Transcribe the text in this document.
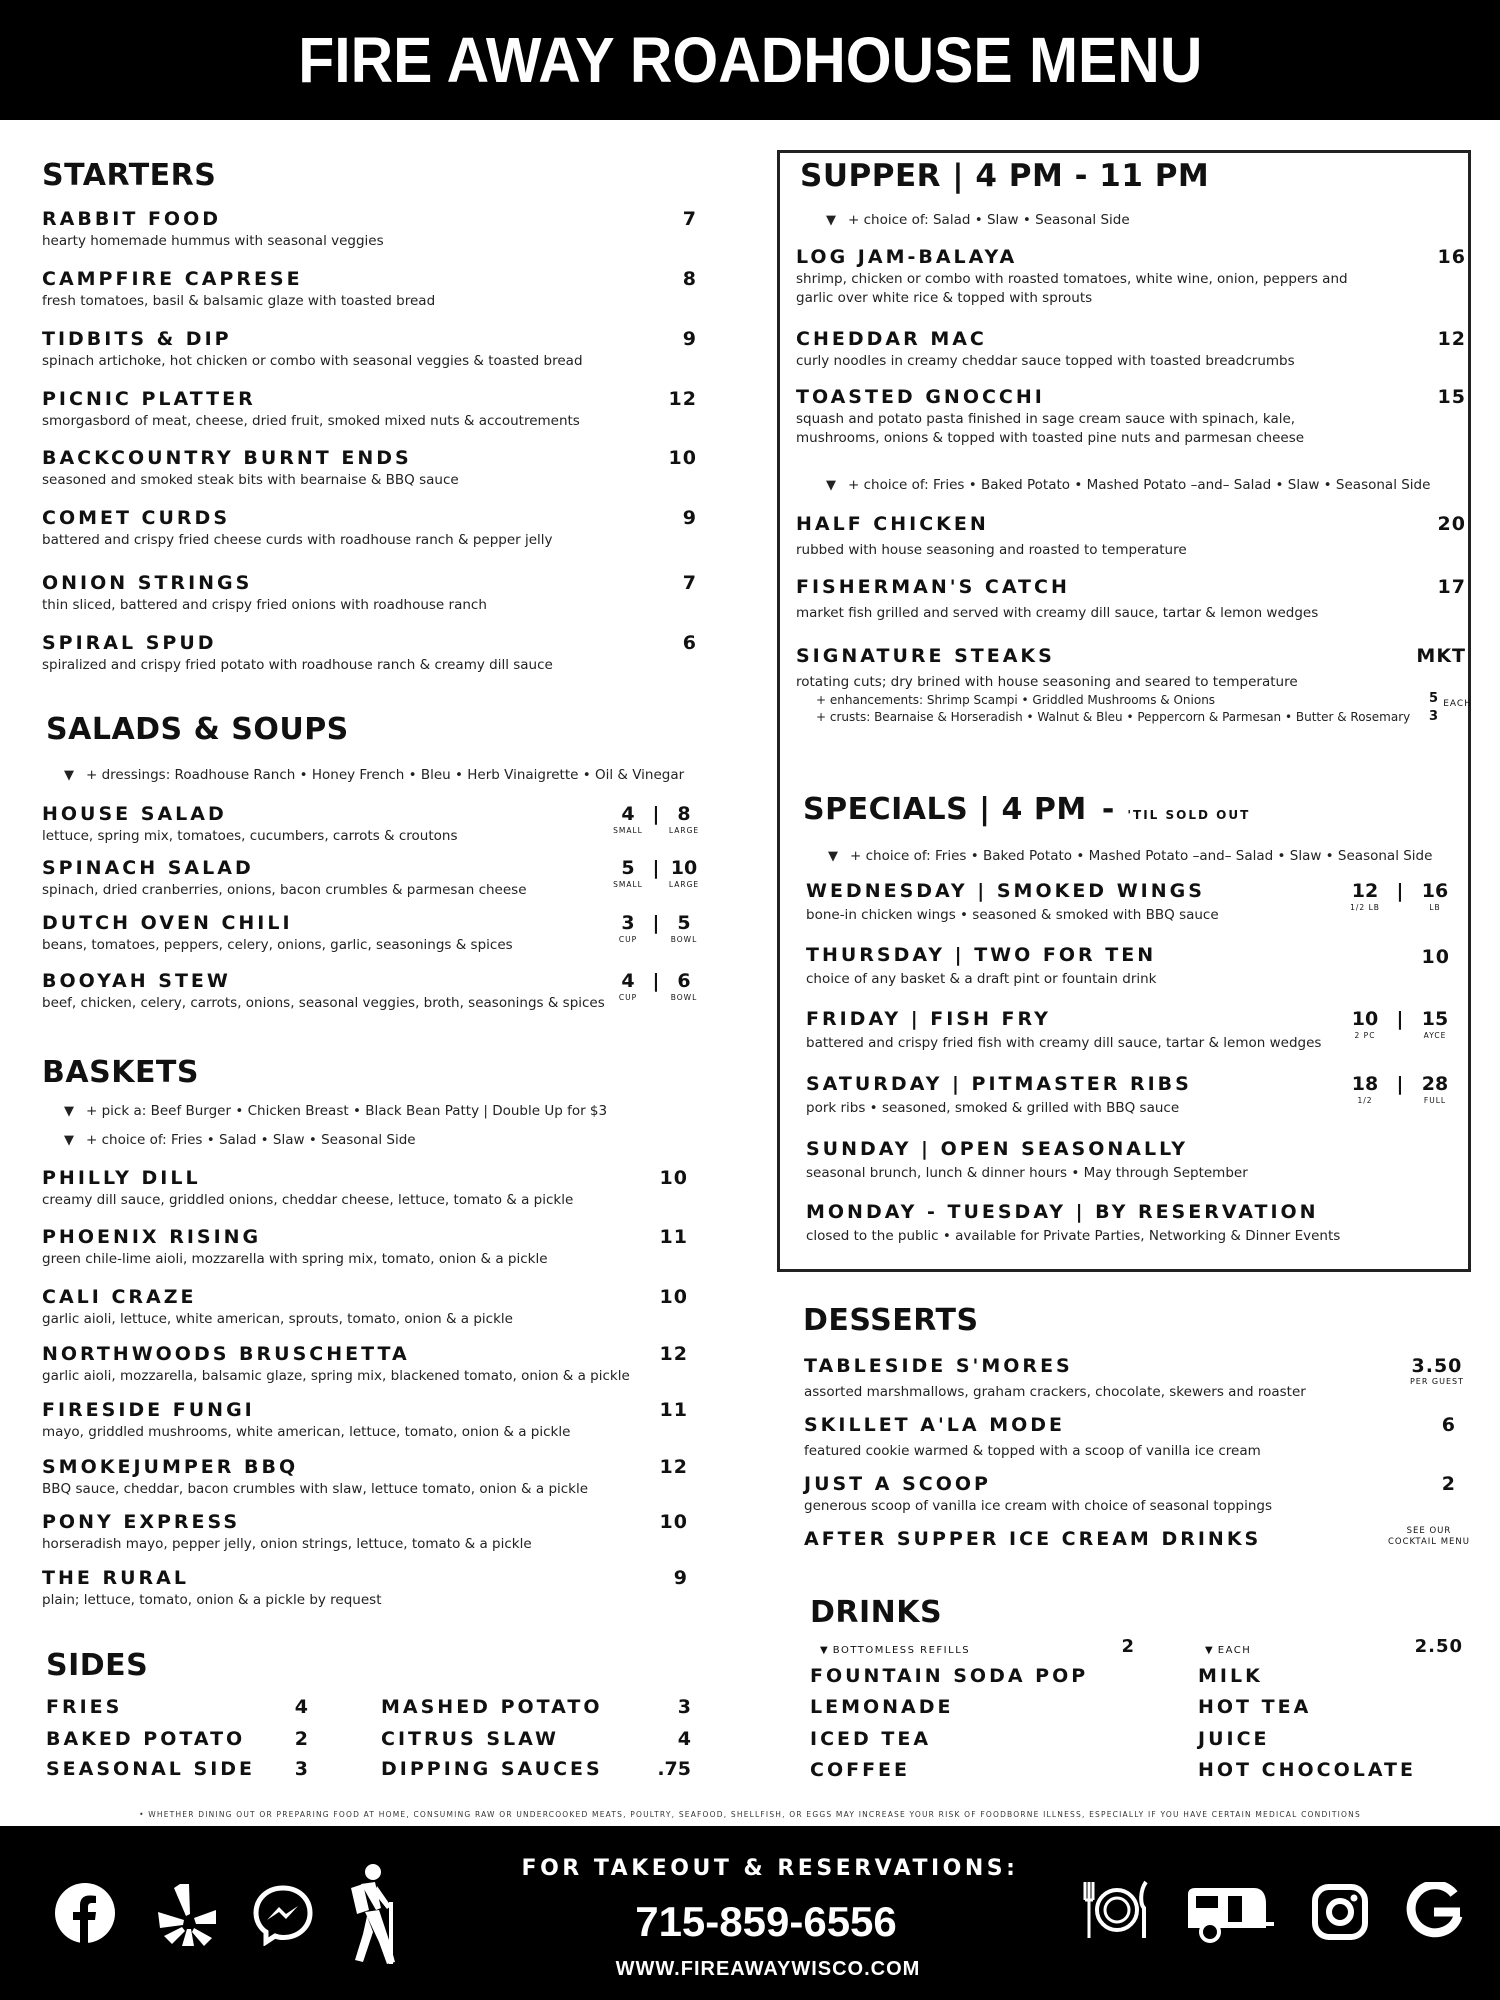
FIRE AWAY ROADHOUSE MENU
STARTERS
RABBIT FOOD
hearty homemade hummus with seasonal veggies
7
CAMPFIRE CAPRESE
fresh tomatoes, basil & balsamic glaze with toasted bread
8
TIDBITS & DIP
spinach artichoke, hot chicken or combo with seasonal veggies & toasted bread
9
PICNIC PLATTER
smorgasbord of meat, cheese, dried fruit, smoked mixed nuts & accoutrements
12
BACKCOUNTRY BURNT ENDS
seasoned and smoked steak bits with bearnaise & BBQ sauce
10
COMET CURDS
battered and crispy fried cheese curds with roadhouse ranch & pepper jelly
9
ONION STRINGS
thin sliced, battered and crispy fried onions with roadhouse ranch
7
SPIRAL SPUD
spiralized and crispy fried potato with roadhouse ranch & creamy dill sauce
6
SALADS & SOUPS
▼ + dressings: Roadhouse Ranch • Honey French • Bleu • Herb Vinaigrette • Oil & Vinegar
HOUSE SALAD
lettuce, spring mix, tomatoes, cucumbers, carrots & croutons
4
SMALL
| 8
LARGE
SPINACH SALAD
spinach, dried cranberries, onions, bacon crumbles & parmesan cheese
5
SMALL
| 10
LARGE
DUTCH OVEN CHILI
beans, tomatoes, peppers, celery, onions, garlic, seasonings & spices
3
CUP
| 5
BOWL
BOOYAH STEW
beef, chicken, celery, carrots, onions, seasonal veggies, broth, seasonings & spices
4
CUP
| 6
BOWL
BASKETS
▼ + pick a: Beef Burger • Chicken Breast • Black Bean Patty | Double Up for $3
▼ + choice of: Fries • Salad • Slaw • Seasonal Side
PHILLY DILL
creamy dill sauce, griddled onions, cheddar cheese, lettuce, tomato & a pickle
10
PHOENIX RISING
green chile-lime aioli, mozzarella with spring mix, tomato, onion & a pickle
11
CALI CRAZE
garlic aioli, lettuce, white american, sprouts, tomato, onion & a pickle
10
NORTHWOODS BRUSCHETTA
garlic aioli, mozzarella, balsamic glaze, spring mix, blackened tomato, onion & a pickle
12
FIRESIDE FUNGI
mayo, griddled mushrooms, white american, lettuce, tomato, onion & a pickle
11
SMOKEJUMPER BBQ
BBQ sauce, cheddar, bacon crumbles with slaw, lettuce tomato, onion & a pickle
12
PONY EXPRESS
horseradish mayo, pepper jelly, onion strings, lettuce, tomato & a pickle
10
THE RURAL
plain; lettuce, tomato, onion & a pickle by request
9
SIDES
FRIES	4
BAKED POTATO	2
SEASONAL SIDE 3
MASHED POTATO	3
CITRUS SLAW	4
DIPPING SAUCES	.75
SUPPER | 4 PM - 11 PM
▼ + choice of: Salad • Slaw • Seasonal Side
LOG JAM-BALAYA
shrimp, chicken or combo with roasted tomatoes, white wine, onion, peppers and
garlic over white rice & topped with sprouts
16
CHEDDAR MAC
curly noodles in creamy cheddar sauce topped with toasted breadcrumbs
12
TOASTED GNOCCHI
squash and potato pasta finished in sage cream sauce with spinach, kale,
mushrooms, onions & topped with toasted pine nuts and parmesan cheese
15
▼ + choice of: Fries • Baked Potato • Mashed Potato –and– Salad • Slaw • Seasonal Side
HALF CHICKEN
rubbed with house seasoning and roasted to temperature
20
FISHERMAN'S CATCH
market fish grilled and served with creamy dill sauce, tartar & lemon wedges
17
SIGNATURE STEAKS
rotating cuts; dry brined with house seasoning and seared to temperature
MKT
+ enhancements: Shrimp Scampi • Griddled Mushrooms & Onions
+ crusts: Bearnaise & Horseradish • Walnut & Bleu • Peppercorn & Parmesan • Butter & Rosemary
5
3
EACH
SPECIALS | 4 PM - 'TIL SOLD OUT
▼ + choice of: Fries • Baked Potato • Mashed Potato –and– Salad • Slaw • Seasonal Side
WEDNESDAY | SMOKED WINGS
bone-in chicken wings • seasoned & smoked with BBQ sauce
12
1/2 LB
| 16
LB
THURSDAY | TWO FOR TEN
choice of any basket & a draft pint or fountain drink
10
FRIDAY | FISH FRY
battered and crispy fried fish with creamy dill sauce, tartar & lemon wedges
10
2 PC
| 15
AYCE
SATURDAY | PITMASTER RIBS
pork ribs • seasoned, smoked & grilled with BBQ sauce
18
1/2
| 28
FULL
SUNDAY | OPEN SEASONALLY
seasonal brunch, lunch & dinner hours • May through September
MONDAY - TUESDAY | BY RESERVATION
closed to the public • available for Private Parties, Networking & Dinner Events
DESSERTS
TABLESIDE S'MORES
assorted marshmallows, graham crackers, chocolate, skewers and roaster
3.50
PER GUEST
SKILLET A'LA MODE
featured cookie warmed & topped with a scoop of vanilla ice cream
6
JUST A SCOOP
generous scoop of vanilla ice cream with choice of seasonal toppings
2
AFTER SUPPER ICE CREAM DRINKS	SEE OUR
COCKTAIL MENU
DRINKS
▼ BOTTOMLESS REFILLS	2	▼ EACH	2.50
FOUNTAIN SODA POP
LEMONADE
ICED TEA
COFFEE
MILK
HOT TEA
JUICE
HOT CHOCOLATE
• WHETHER DINING OUT OR PREPARING FOOD AT HOME, CONSUMING RAW OR UNDERCOOKED MEATS, POULTRY, SEAFOOD, SHELLFISH, OR EGGS MAY INCREASE YOUR RISK OF FOODBORNE ILLNESS, ESPECIALLY IF YOU HAVE CERTAIN MEDICAL CONDITIONS
FOR TAKEOUT & RESERVATIONS:
715-859-6556
WWW.FIREAWAYWISCO.COM
